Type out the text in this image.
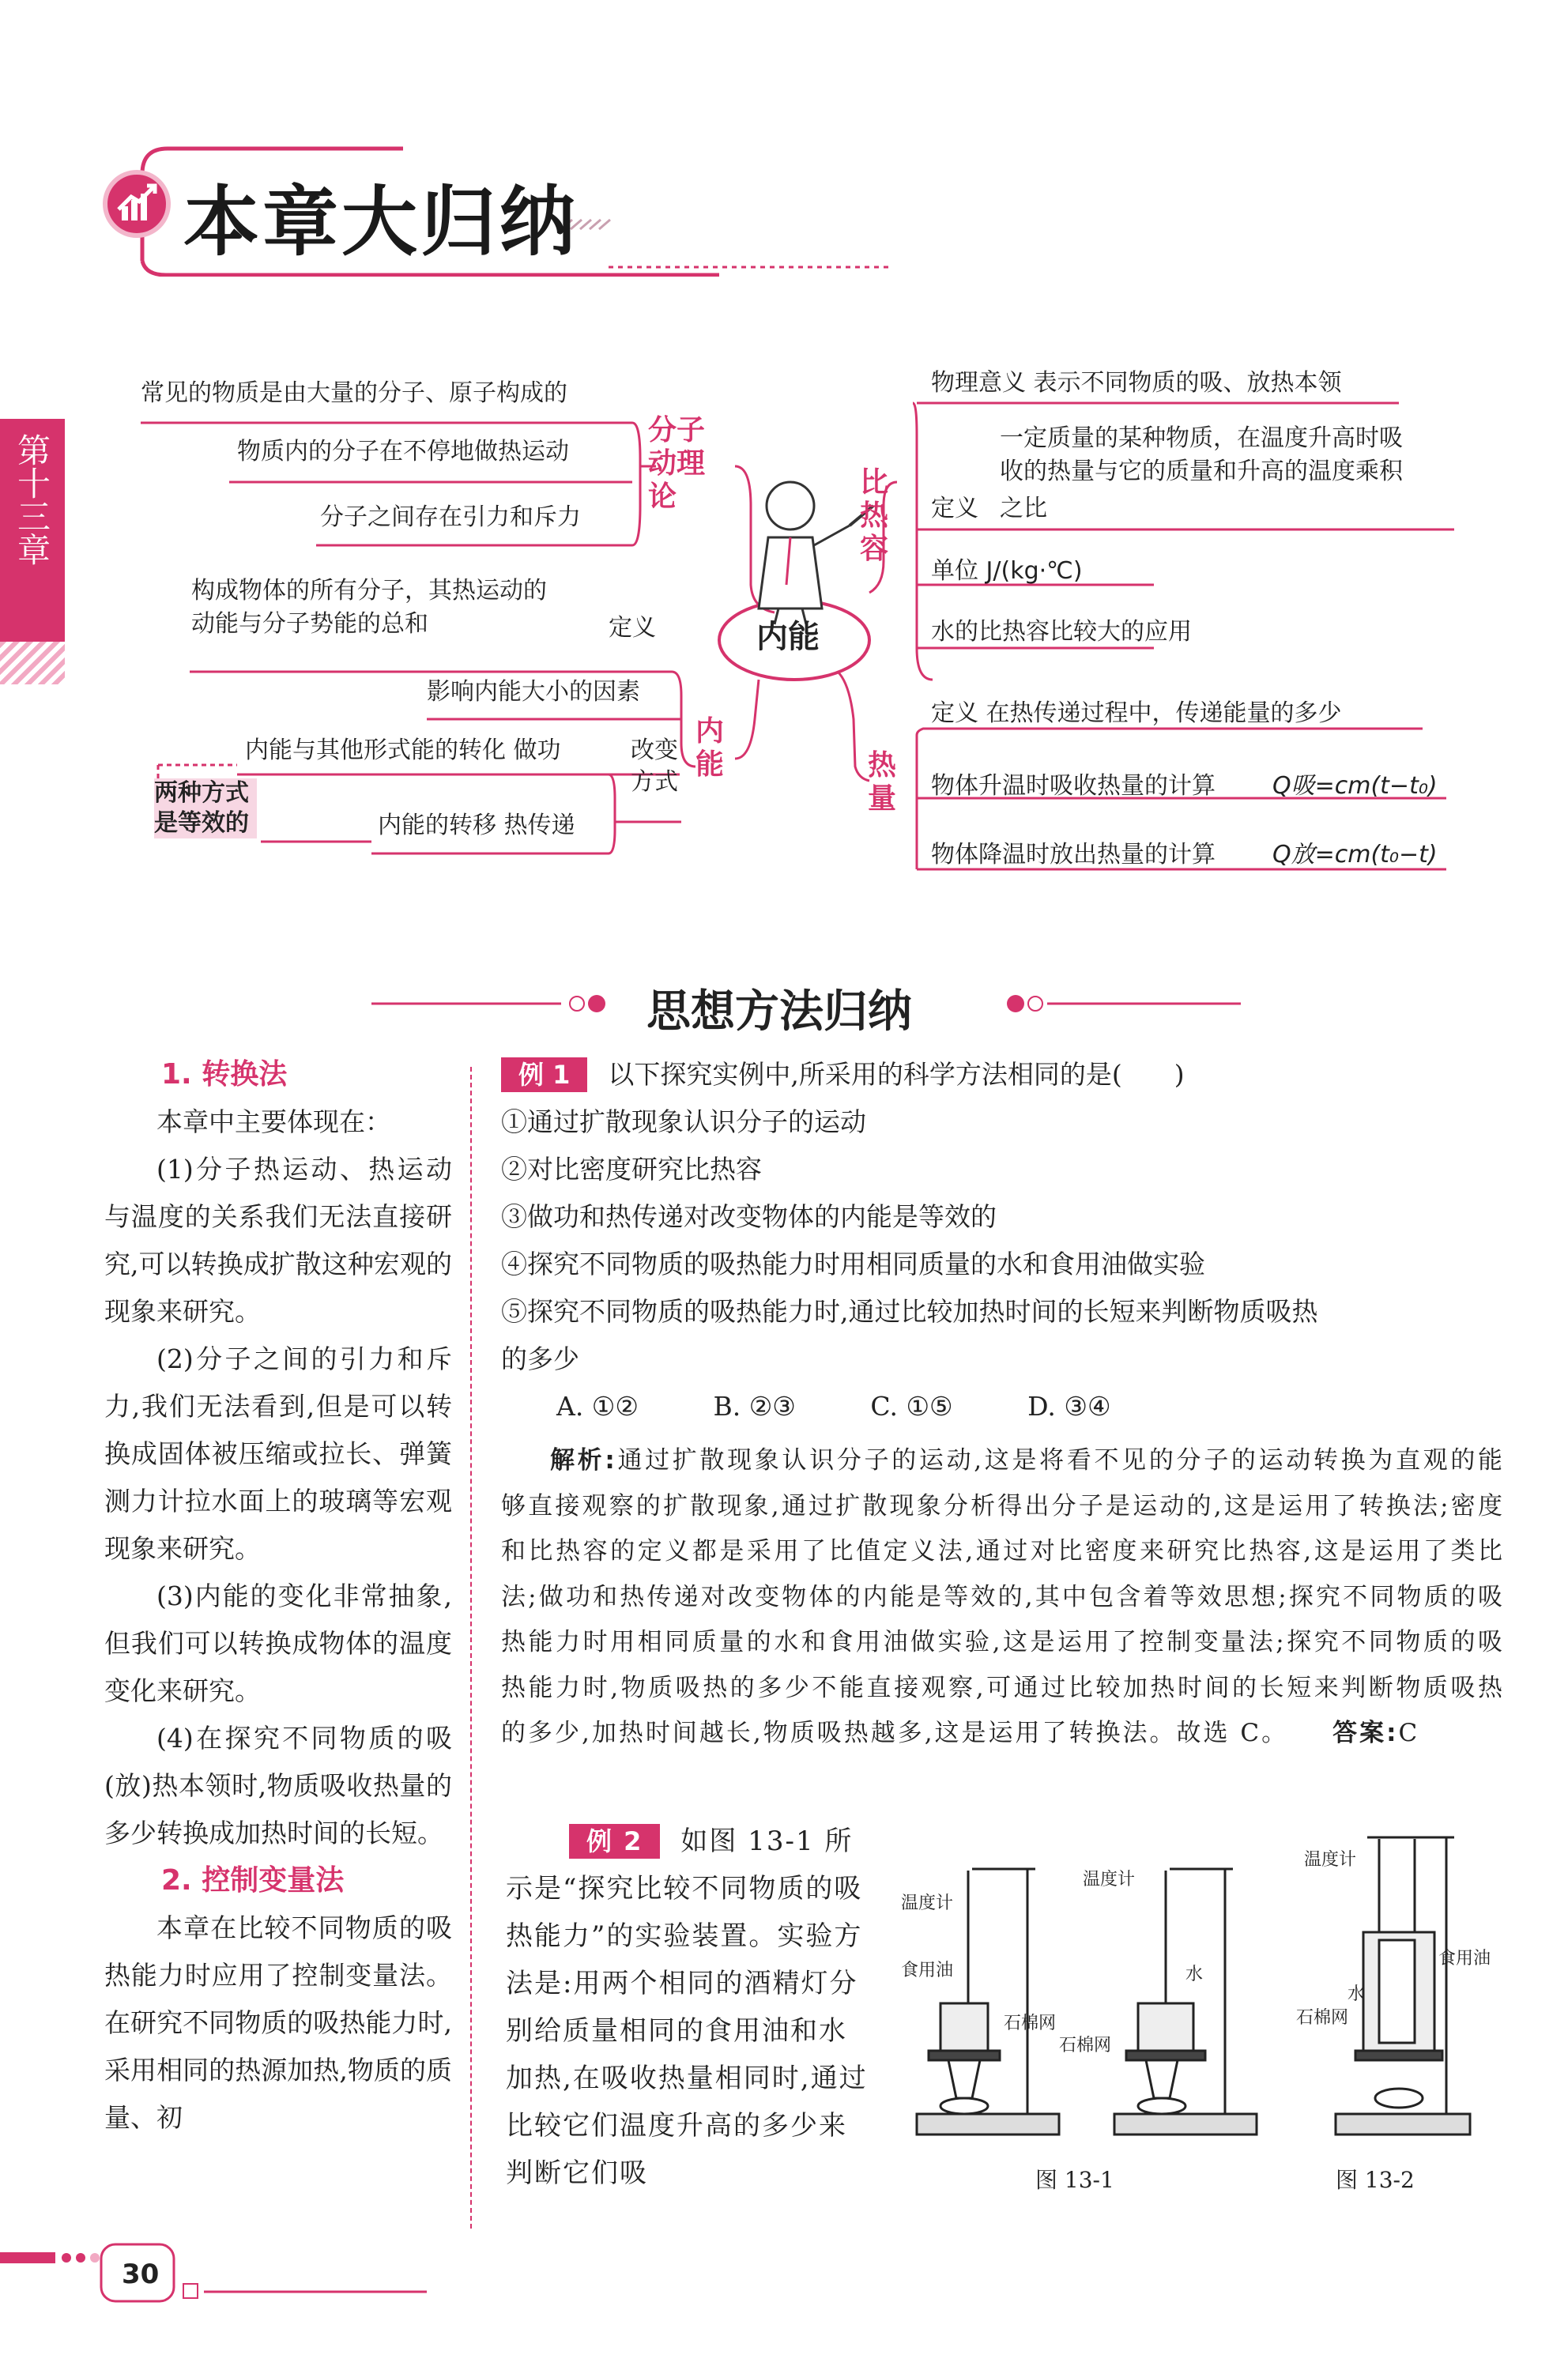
本章大归纳
第十三章
常见的物质是由大量的分子、原子构成的
物质内的分子在不停地做热运动
分子之间存在引力和斥力
分子动理论
内能
构成物体的所有分子，其热运动的
动能与分子势能的总和	定义
影响内能大小的因素
内能与其他形式能的转化 做功	改变方式
内能的转移 热传递
两种方式是等效的
内能
比热容
物理意义 表示不同物质的吸、放热本领
一定质量的某种物质，在温度升高时吸
收的热量与它的质量和升高的温度乘积
定义 之比
单位 J/(kg·℃)
水的比热容比较大的应用
热量
定义 在热传递过程中，传递能量的多少
物体升温时吸收热量的计算 Q吸=cm(t−t₀)
物体降温时放出热量的计算 Q放=cm(t₀−t)
思想方法归纳

1. 转换法

本章中主要体现在：

(1)分子热运动、热运动与温度的关系我们无法直接研究,可以转换成扩散这种宏观的现象来研究。

(2)分子之间的引力和斥力,我们无法看到,但是可以转换成固体被压缩或拉长、弹簧测力计拉水面上的玻璃等宏观现象来研究。

(3)内能的变化非常抽象,但我们可以转换成物体的温度变化来研究。

(4)在探究不同物质的吸(放)热本领时,物质吸收热量的多少转换成加热时间的长短。

2. 控制变量法

本章在比较不同物质的吸热能力时应用了控制变量法。在研究不同物质的吸热能力时,采用相同的热源加热,物质的质量、初

例 1 以下探究实例中,所采用的科学方法相同的是(　　)
①通过扩散现象认识分子的运动
②对比密度研究比热容
③做功和热传递对改变物体的内能是等效的
④探究不同物质的吸热能力时用相同质量的水和食用油做实验
⑤探究不同物质的吸热能力时,通过比较加热时间的长短来判断物质吸热
的多少
A. ①②	B. ②③	C. ①⑤	D. ③④
解析:通过扩散现象认识分子的运动,这是将看不见的分子的运动转换为直观的能够直接观察的扩散现象,通过扩散现象分析得出分子是运动的,这是运用了转换法;密度和比热容的定义都是采用了比值定义法,通过对比密度来研究比热容,这是运用了类比法;做功和热传递对改变物体的内能是等效的,其中包含着等效思想;探究不同物质的吸热能力时用相同质量的水和食用油做实验,这是运用了控制变量法;探究不同物质的吸热能力时,物质吸热的多少不能直接观察,可通过比较加热时间的长短来判断物质吸热的多少,加热时间越长,物质吸热越多,这是运用了转换法。故选 C。 答案:C
例 2 如图 13-1 所示是“探究比较不同物质的吸热能力”的实验装置。实验方法是:用两个相同的酒精灯分别给质量相同的食用油和水加热,在吸收热量相同时,通过比较它们温度升高的多少来判断它们吸
温度计
食用油
石棉网
温度计
水
石棉网
温度计
石棉网
水
食用油
图 13-1	图 13-2
30
